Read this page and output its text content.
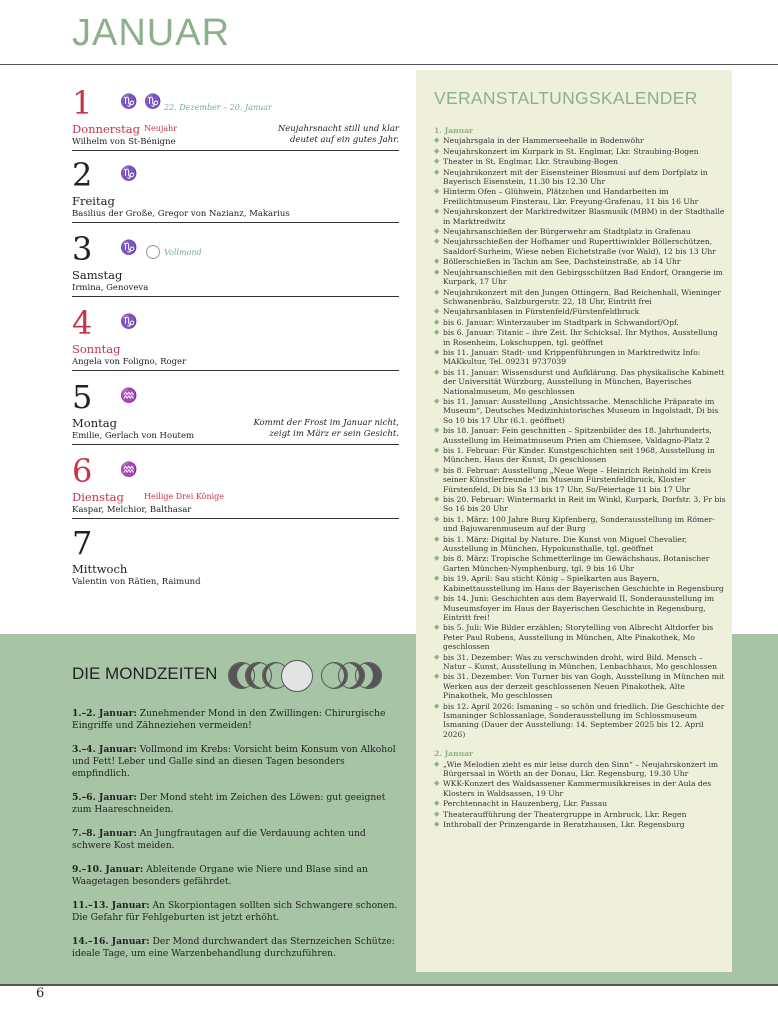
JANUAR
1 ♑ ♑ 22. Dezember – 20. Januar
Donnerstag Neujahr
Wilhelm von St-Bénigne
Neujahrsnacht still und klar
deutet auf ein gutes Jahr.
2 ♑
Freitag
Basilius der Große, Gregor von Nazianz, Makarius
3 ♑	Vollmond
Samstag
Irmina, Genoveva
4 ♑
Sonntag
Angela von Foligno, Roger
5 ♒
Montag
Emilie, Gerlach von Houtem
Kommt der Frost im Januar nicht,
zeigt im März er sein Gesicht.
6 ♒
Dienstag	Heilige Drei Könige
Kaspar, Melchior, Balthasar
7
Mittwoch
Valentin von Rätien, Raimund
DIE MONDZEITEN

1.–2. Januar: Zunehmender Mond in den Zwillingen: Chirurgische Eingriffe und Zähneziehen vermeiden!

3.–4. Januar: Vollmond im Krebs: Vorsicht beim Konsum von Alkohol und Fett! Leber und Galle sind an diesen Tagen besonders empfindlich.

5.–6. Januar: Der Mond steht im Zeichen des Löwen: gut geeignet zum Haareschneiden.

7.–8. Januar: An Jungfrautagen auf die Verdauung achten und schwere Kost meiden.

9.–10. Januar: Ableitende Organe wie Niere und Blase sind an Waagetagen besonders gefährdet.

11.–13. Januar: An Skorpiontagen sollten sich Schwangere schonen. Die Gefahr für Fehlgeburten ist jetzt erhöht.

14.–16. Januar: Der Mond durchwandert das Sternzeichen Schütze: ideale Tage, um eine Warzenbehandlung durchzuführen.

VERANSTALTUNGSKALENDER
1. Januar
◆ Neujahrsgala in der Hammerseehalle in Bodenwöhr
◆ Neujahrskonzert im Kurpark in St. Englmar, Lkr. Straubing-Bogen
◆ Theater in St. Englmar, Lkr. Straubing-Bogen
◆ Neujahrskonzert mit der Eisensteiner Blosmusi auf dem Dorfplatz in Bayerisch Eisenstein, 11.30 bis 12.30 Uhr
◆ Hinterm Ofen – Glühwein, Plätzchen und Handarbeiten im Freilichtmuseum Finsterau, Lkr. Freyung-Grafenau, 11 bis 16 Uhr
◆ Neujahrskonzert der Marktredwitzer Blasmusik (MBM) in der Stadthalle in Marktredwitz
◆ Neujahrsanschießen der Bürgerwehr am Stadtplatz in Grafenau
◆ Neujahrsschießen der Hofhamer und Ruperttiwinkler Böllerschützen, Saaldorf-Surheim, Wiese neben Eichetstraße (vor Wald), 12 bis 13 Uhr
◆ Böllerschießen in Tachin am See, Dachsteinstraße, ab 14 Uhr
◆ Neujahrsanschießen mit den Gebirgsschützen Bad Endorf, Orangerie im Kurpark, 17 Uhr
◆ Neujahrskonzert mit den Jungen Ottingern, Bad Reichenhall, Wieninger Schwanenbräu, Salzburgerstr. 22, 18 Uhr, Eintritt frei
◆ Neujahrsanblasen in Fürstenfeld/Fürstenfeldbruck
◆ bis 6. Januar: Winterzauber im Stadtpark in Schwandorf/Opf.
◆ bis 6. Januar: Titanic – ihre Zeit. Ihr Schicksal. Ihr Mythos, Ausstellung in Rosenheim, Lokschuppen, tgl. geöffnet
◆ bis 11. Januar: Stadt- und Krippenführungen in Marktredwitz Info: MAKkultur, Tel. 09231 9737039
◆ bis 11. Januar: Wissensdurst und Aufklärung. Das physikalische Kabinett der Universität Würzburg, Ausstellung in München, Bayerisches Nationalmuseum, Mo geschlossen
◆ bis 11. Januar: Ausstellung „Ansichtssache. Menschliche Präparate im Museum“, Deutsches Medizinhistorisches Museum in Ingolstadt, Di bis So 10 bis 17 Uhr (6.1. geöffnet)
◆ bis 18. Januar: Fein geschnitten – Spitzenbilder des 18. Jahrhunderts, Ausstellung im Heimatmuseum Prien am Chiemsee, Valdagno-Platz 2
◆ bis 1. Februar: Für Kinder. Kunstgeschichten seit 1968, Ausstellung in München, Haus der Kunst, Di geschlossen
◆ bis 8. Februar: Ausstellung „Neue Wege – Heinrich Reinhold im Kreis seiner Künstlerfreunde“ im Museum Fürstenfeldbruck, Kloster Fürstenfeld, Di bis Sa 13 bis 17 Uhr, So/Feiertage 11 bis 17 Uhr
◆ bis 20. Februar: Wintermarkt in Reit im Winkl, Kurpark, Dorfstr. 3, Fr bis So 16 bis 20 Uhr
◆ bis 1. März: 100 Jahre Burg Kipfenberg, Sonderausstellung im Römer- und Bajuwarenmuseum auf der Burg
◆ bis 1. März: Digital by Nature. Die Kunst von Miguel Chevalier, Ausstellung in München, Hypokunsthalle, tgl. geöffnet
◆ bis 8. März: Tropische Schmetterlinge im Gewächshaus, Botanischer Garten München-Nymphenburg, tgl. 9 bis 16 Uhr
◆ bis 19. April: Sau sticht König – Spielkarten aus Bayern, Kabinettausstellung im Haus der Bayerischen Geschichte in Regensburg
◆ bis 14. Juni: Geschichten aus dem Bayerwald II, Sonderausstellung im Museumsfoyer im Haus der Bayerischen Geschichte in Regensburg, Eintritt frei!
◆ bis 5. Juli: Wie Bilder erzählen: Storytelling von Albrecht Altdorfer bis Peter Paul Rubens, Ausstellung in München, Alte Pinakothek, Mo geschlossen
◆ bis 31. Dezember: Was zu verschwinden droht, wird Bild. Mensch – Natur – Kunst, Ausstellung in München, Lenbachhaus, Mo geschlossen
◆ bis 31. Dezember: Von Turner bis van Gogh, Ausstellung in München mit Werken aus der derzeit geschlossenen Neuen Pinakothek, Alte Pinakothek, Mo geschlossen
◆ bis 12. April 2026: Ismaning – so schön und friedlich. Die Geschichte der Ismaninger Schlossanlage, Sonderausstellung im Schlossmuseum Ismaning (Dauer der Ausstellung: 14. September 2025 bis 12. April 2026)
2. Januar
◆ „Wie Melodien zieht es mir leise durch den Sinn“ – Neujahrskonzert im Bürgersaal in Wörth an der Donau, Lkr. Regensburg, 19.30 Uhr
◆ WKK-Konzert des Waldsassener Kammermusikkreises in der Aula des Klosters in Waldsassen, 19 Uhr
◆ Perchtennacht in Hauzenberg, Lkr. Passau
◆ Theateraufführung der Theatergruppe in Arnbruck, Lkr. Regen
◆ Inthroball der Prinzengarde in Beratzhausen, Lkr. Regensburg
6
